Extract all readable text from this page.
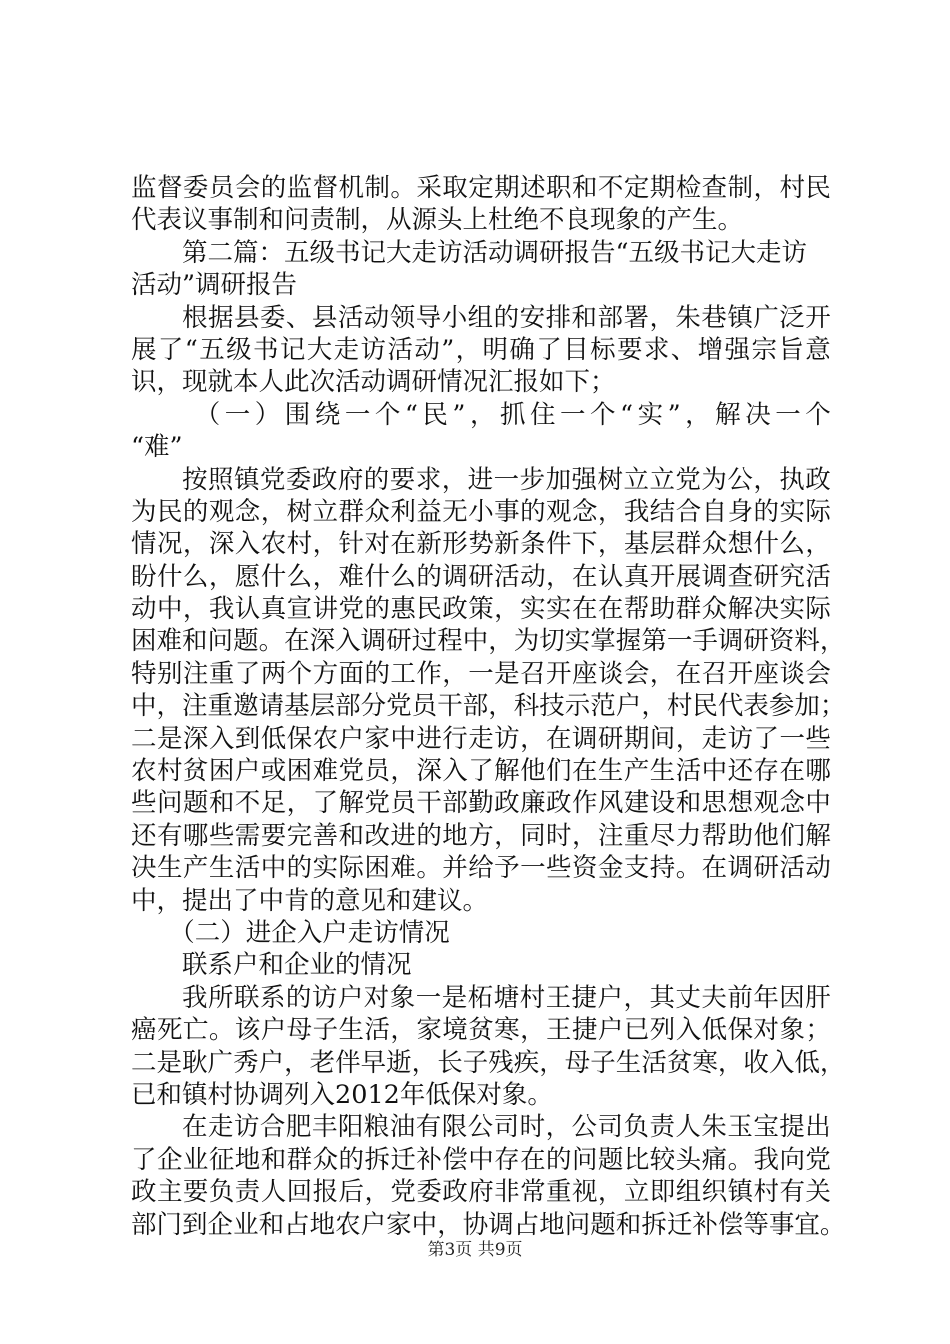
监 督 委 员 会 的 监 督 机 制 。 采 取 定 期 述 职 和 不 定 期 检 查 制 ， 村 民
代表议事制和问责制，从源头上杜绝不良现象的产生。
　　第二篇：五级书记大走访活动调研报告“五级书记大走访
活动”调研报告
　　根 据 县 委 、 县 活 动 领 导 小 组 的 安 排 和 部 署 ， 朱 巷 镇 广 泛 开
展 了 “ 五 级 书 记 大 走 访 活 动 ” ， 明 确 了 目 标 要 求 、 增 强 宗 旨 意
识，现就本人此次活动调研情况汇报如下；
　　　（ 一 ） 围 绕 一 个 “ 民 ” ， 抓 住 一 个 “ 实 ” ， 解 决 一 个
“难”
　　按 照 镇 党 委 政 府 的 要 求 ， 进 一 步 加 强 树 立 立 党 为 公 ， 执 政
为 民 的 观 念 ， 树 立 群 众 利 益 无 小 事 的 观 念 ， 我 结 合 自 身 的 实 际
情 况 ， 深 入 农 村 ， 针 对 在 新 形 势 新 条 件 下 ， 基 层 群 众 想 什 么 ，
盼 什 么 ， 愿 什 么 ， 难 什 么 的 调 研 活 动 ， 在 认 真 开 展 调 查 研 究 活
动 中 ， 我 认 真 宣 讲 党 的 惠 民 政 策 ， 实 实 在 在 帮 助 群 众 解 决 实 际
困 难 和 问 题 。 在 深 入 调 研 过 程 中 ， 为 切 实 掌 握 第 一 手 调 研 资 料 ，
特 别 注 重 了 两 个 方 面 的 工 作 ， 一 是 召 开 座 谈 会 ， 在 召 开 座 谈 会
中 ， 注 重 邀 请 基 层 部 分 党 员 干 部 ， 科 技 示 范 户 ， 村 民 代 表 参 加 ；
二 是 深 入 到 低 保 农 户 家 中 进 行 走 访 ， 在 调 研 期 间 ， 走 访 了 一 些
农 村 贫 困 户 或 困 难 党 员 ， 深 入 了 解 他 们 在 生 产 生 活 中 还 存 在 哪
些 问 题 和 不 足 ， 了 解 党 员 干 部 勤 政 廉 政 作 风 建 设 和 思 想 观 念 中
还 有 哪 些 需 要 完 善 和 改 进 的 地 方 ， 同 时 ， 注 重 尽 力 帮 助 他 们 解
决 生 产 生 活 中 的 实 际 困 难 。 并 给 予 一 些 资 金 支 持 。 在 调 研 活 动
中，提出了中肯的意见和建议。
　　（二）进企入户走访情况
　　联系户和企业的情况
　　我 所 联 系 的 访 户 对 象 一 是 柘 塘 村 王 捷 户 ， 其 丈 夫 前 年 因 肝
癌 死 亡 。 该 户 母 子 生 活 ， 家 境 贫 寒 ， 王 捷 户 已 列 入 低 保 对 象 ；
二 是 耿 广 秀 户 ， 老 伴 早 逝 ， 长 子 残 疾 ， 母 子 生 活 贫 寒 ， 收 入 低 ，
已和镇村协调列入2012年低保对象。
　　在 走 访 合 肥 丰 阳 粮 油 有 限 公 司 时 ， 公 司 负 责 人 朱 玉 宝 提 出
了 企 业 征 地 和 群 众 的 拆 迁 补 偿 中 存 在 的 问 题 比 较 头 痛 。 我 向 党
政 主 要 负 责 人 回 报 后 ， 党 委 政 府 非 常 重 视 ， 立 即 组 织 镇 村 有 关
部 门 到 企 业 和 占 地 农 户 家 中 ， 协 调 占 地 问 题 和 拆 迁 补 偿 等 事 宜 。
第3页 共9页
